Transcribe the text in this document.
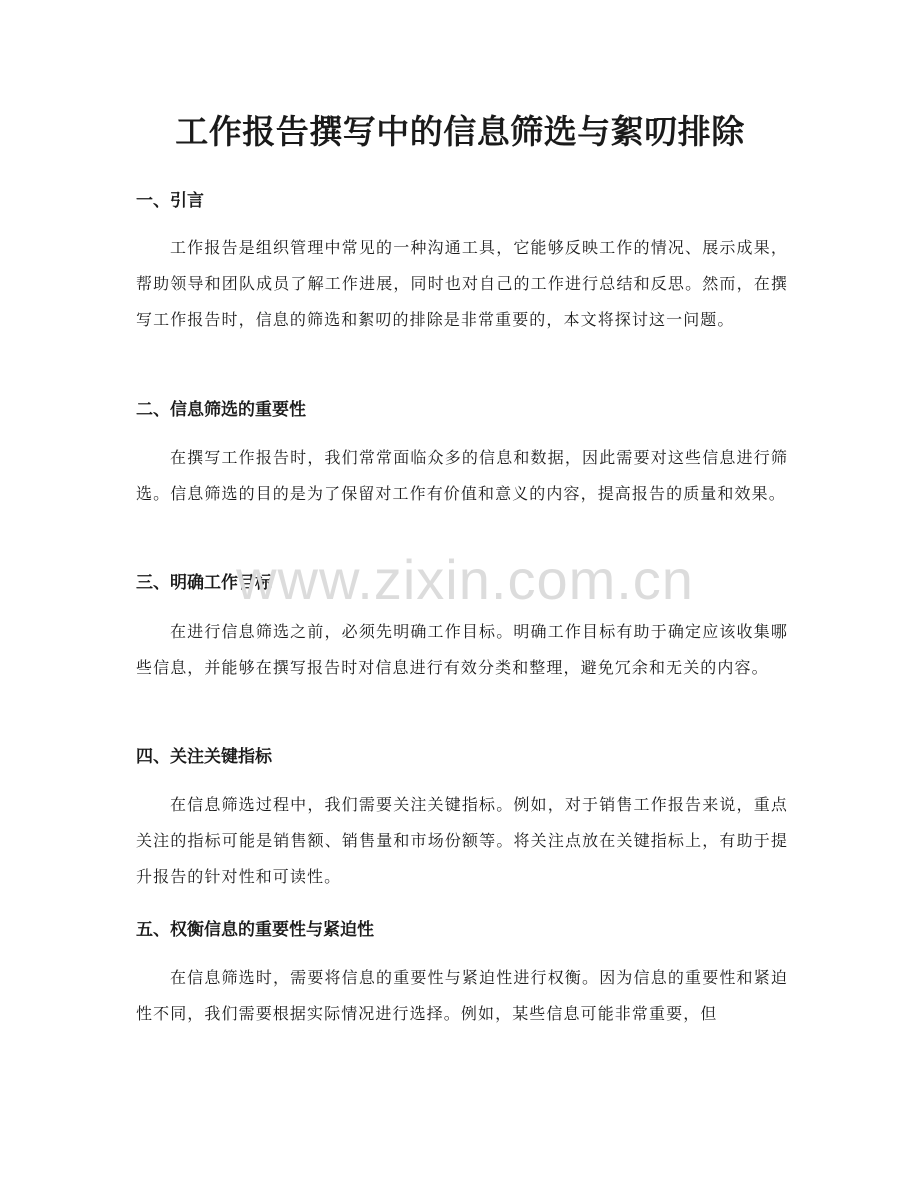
工作报告撰写中的信息筛选与絮叨排除
一、引言

工作报告是组织管理中常见的一种沟通工具，它能够反映工作的情况、展示成果，帮助领导和团队成员了解工作进展，同时也对自己的工作进行总结和反思。然而，在撰写工作报告时，信息的筛选和絮叨的排除是非常重要的，本文将探讨这一问题。

二、信息筛选的重要性

在撰写工作报告时，我们常常面临众多的信息和数据，因此需要对这些信息进行筛选。信息筛选的目的是为了保留对工作有价值和意义的内容，提高报告的质量和效果。

三、明确工作目标

在进行信息筛选之前，必须先明确工作目标。明确工作目标有助于确定应该收集哪些信息，并能够在撰写报告时对信息进行有效分类和整理，避免冗余和无关的内容。

四、关注关键指标

在信息筛选过程中，我们需要关注关键指标。例如，对于销售工作报告来说，重点关注的指标可能是销售额、销售量和市场份额等。将关注点放在关键指标上，有助于提升报告的针对性和可读性。

五、权衡信息的重要性与紧迫性

在信息筛选时，需要将信息的重要性与紧迫性进行权衡。因为信息的重要性和紧迫性不同，我们需要根据实际情况进行选择。例如，某些信息可能非常重要，但

www.zixin.com.cn
